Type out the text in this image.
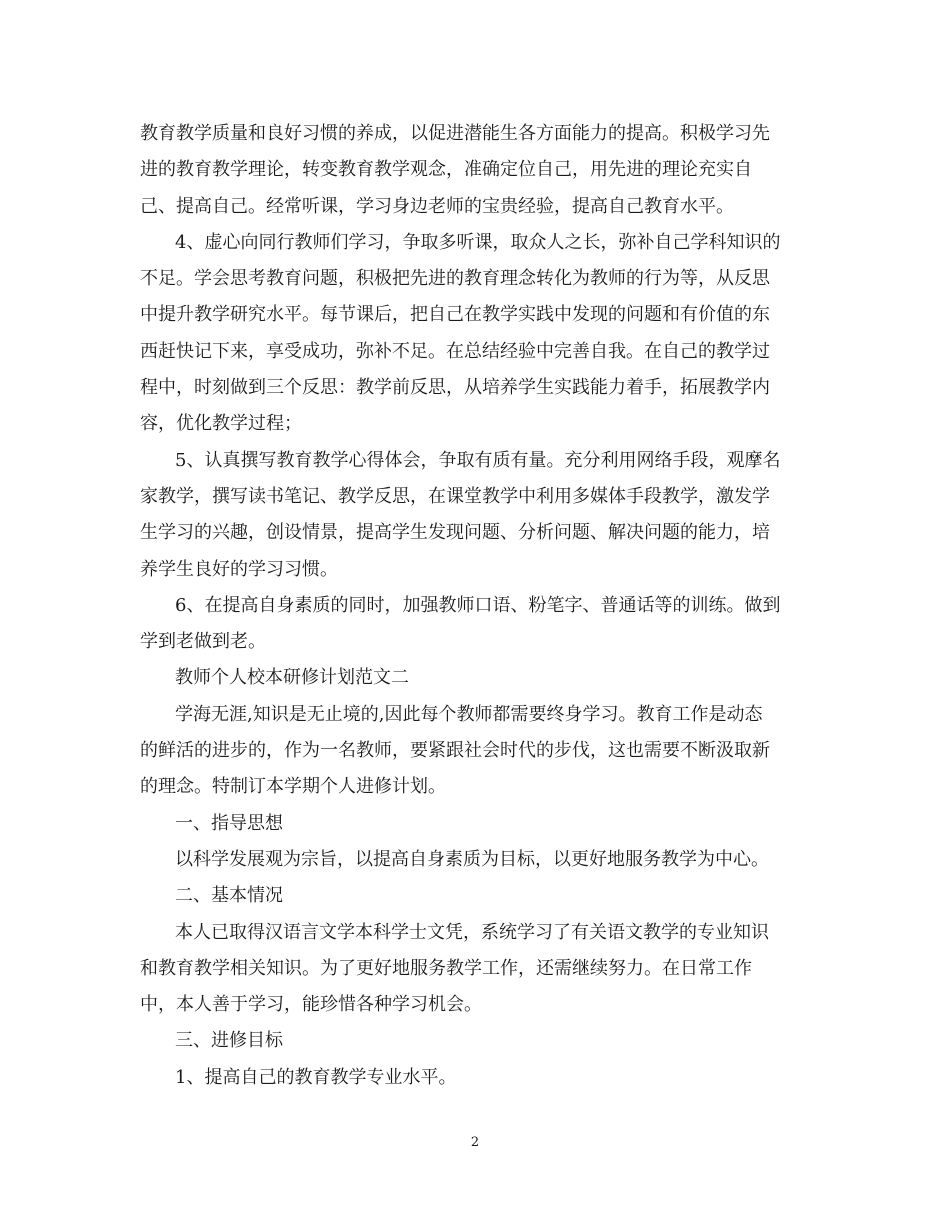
教育教学质量和良好习惯的养成，以促进潜能生各方面能力的提高。积极学习先
进的教育教学理论，转变教育教学观念，准确定位自己，用先进的理论充实自
己、提高自己。经常听课，学习身边老师的宝贵经验，提高自己教育水平。
4、虚心向同行教师们学习，争取多听课，取众人之长，弥补自己学科知识的
不足。学会思考教育问题，积极把先进的教育理念转化为教师的行为等，从反思
中提升教学研究水平。每节课后，把自己在教学实践中发现的问题和有价值的东
西赶快记下来，享受成功，弥补不足。在总结经验中完善自我。在自己的教学过
程中，时刻做到三个反思：教学前反思，从培养学生实践能力着手，拓展教学内
容，优化教学过程；
5、认真撰写教育教学心得体会，争取有质有量。充分利用网络手段，观摩名
家教学，撰写读书笔记、教学反思，在课堂教学中利用多媒体手段教学，激发学
生学习的兴趣，创设情景，提高学生发现问题、分析问题、解决问题的能力，培
养学生良好的学习习惯。
6、在提高自身素质的同时，加强教师口语、粉笔字、普通话等的训练。做到
学到老做到老。
教师个人校本研修计划范文二
学海无涯,知识是无止境的,因此每个教师都需要终身学习。教育工作是动态
的鲜活的进步的，作为一名教师，要紧跟社会时代的步伐，这也需要不断汲取新
的理念。特制订本学期个人进修计划。
一、指导思想
以科学发展观为宗旨，以提高自身素质为目标，以更好地服务教学为中心。
二、基本情况
本人已取得汉语言文学本科学士文凭，系统学习了有关语文教学的专业知识
和教育教学相关知识。为了更好地服务教学工作，还需继续努力。在日常工作
中，本人善于学习，能珍惜各种学习机会。
三、进修目标
1、提高自己的教育教学专业水平。
2
